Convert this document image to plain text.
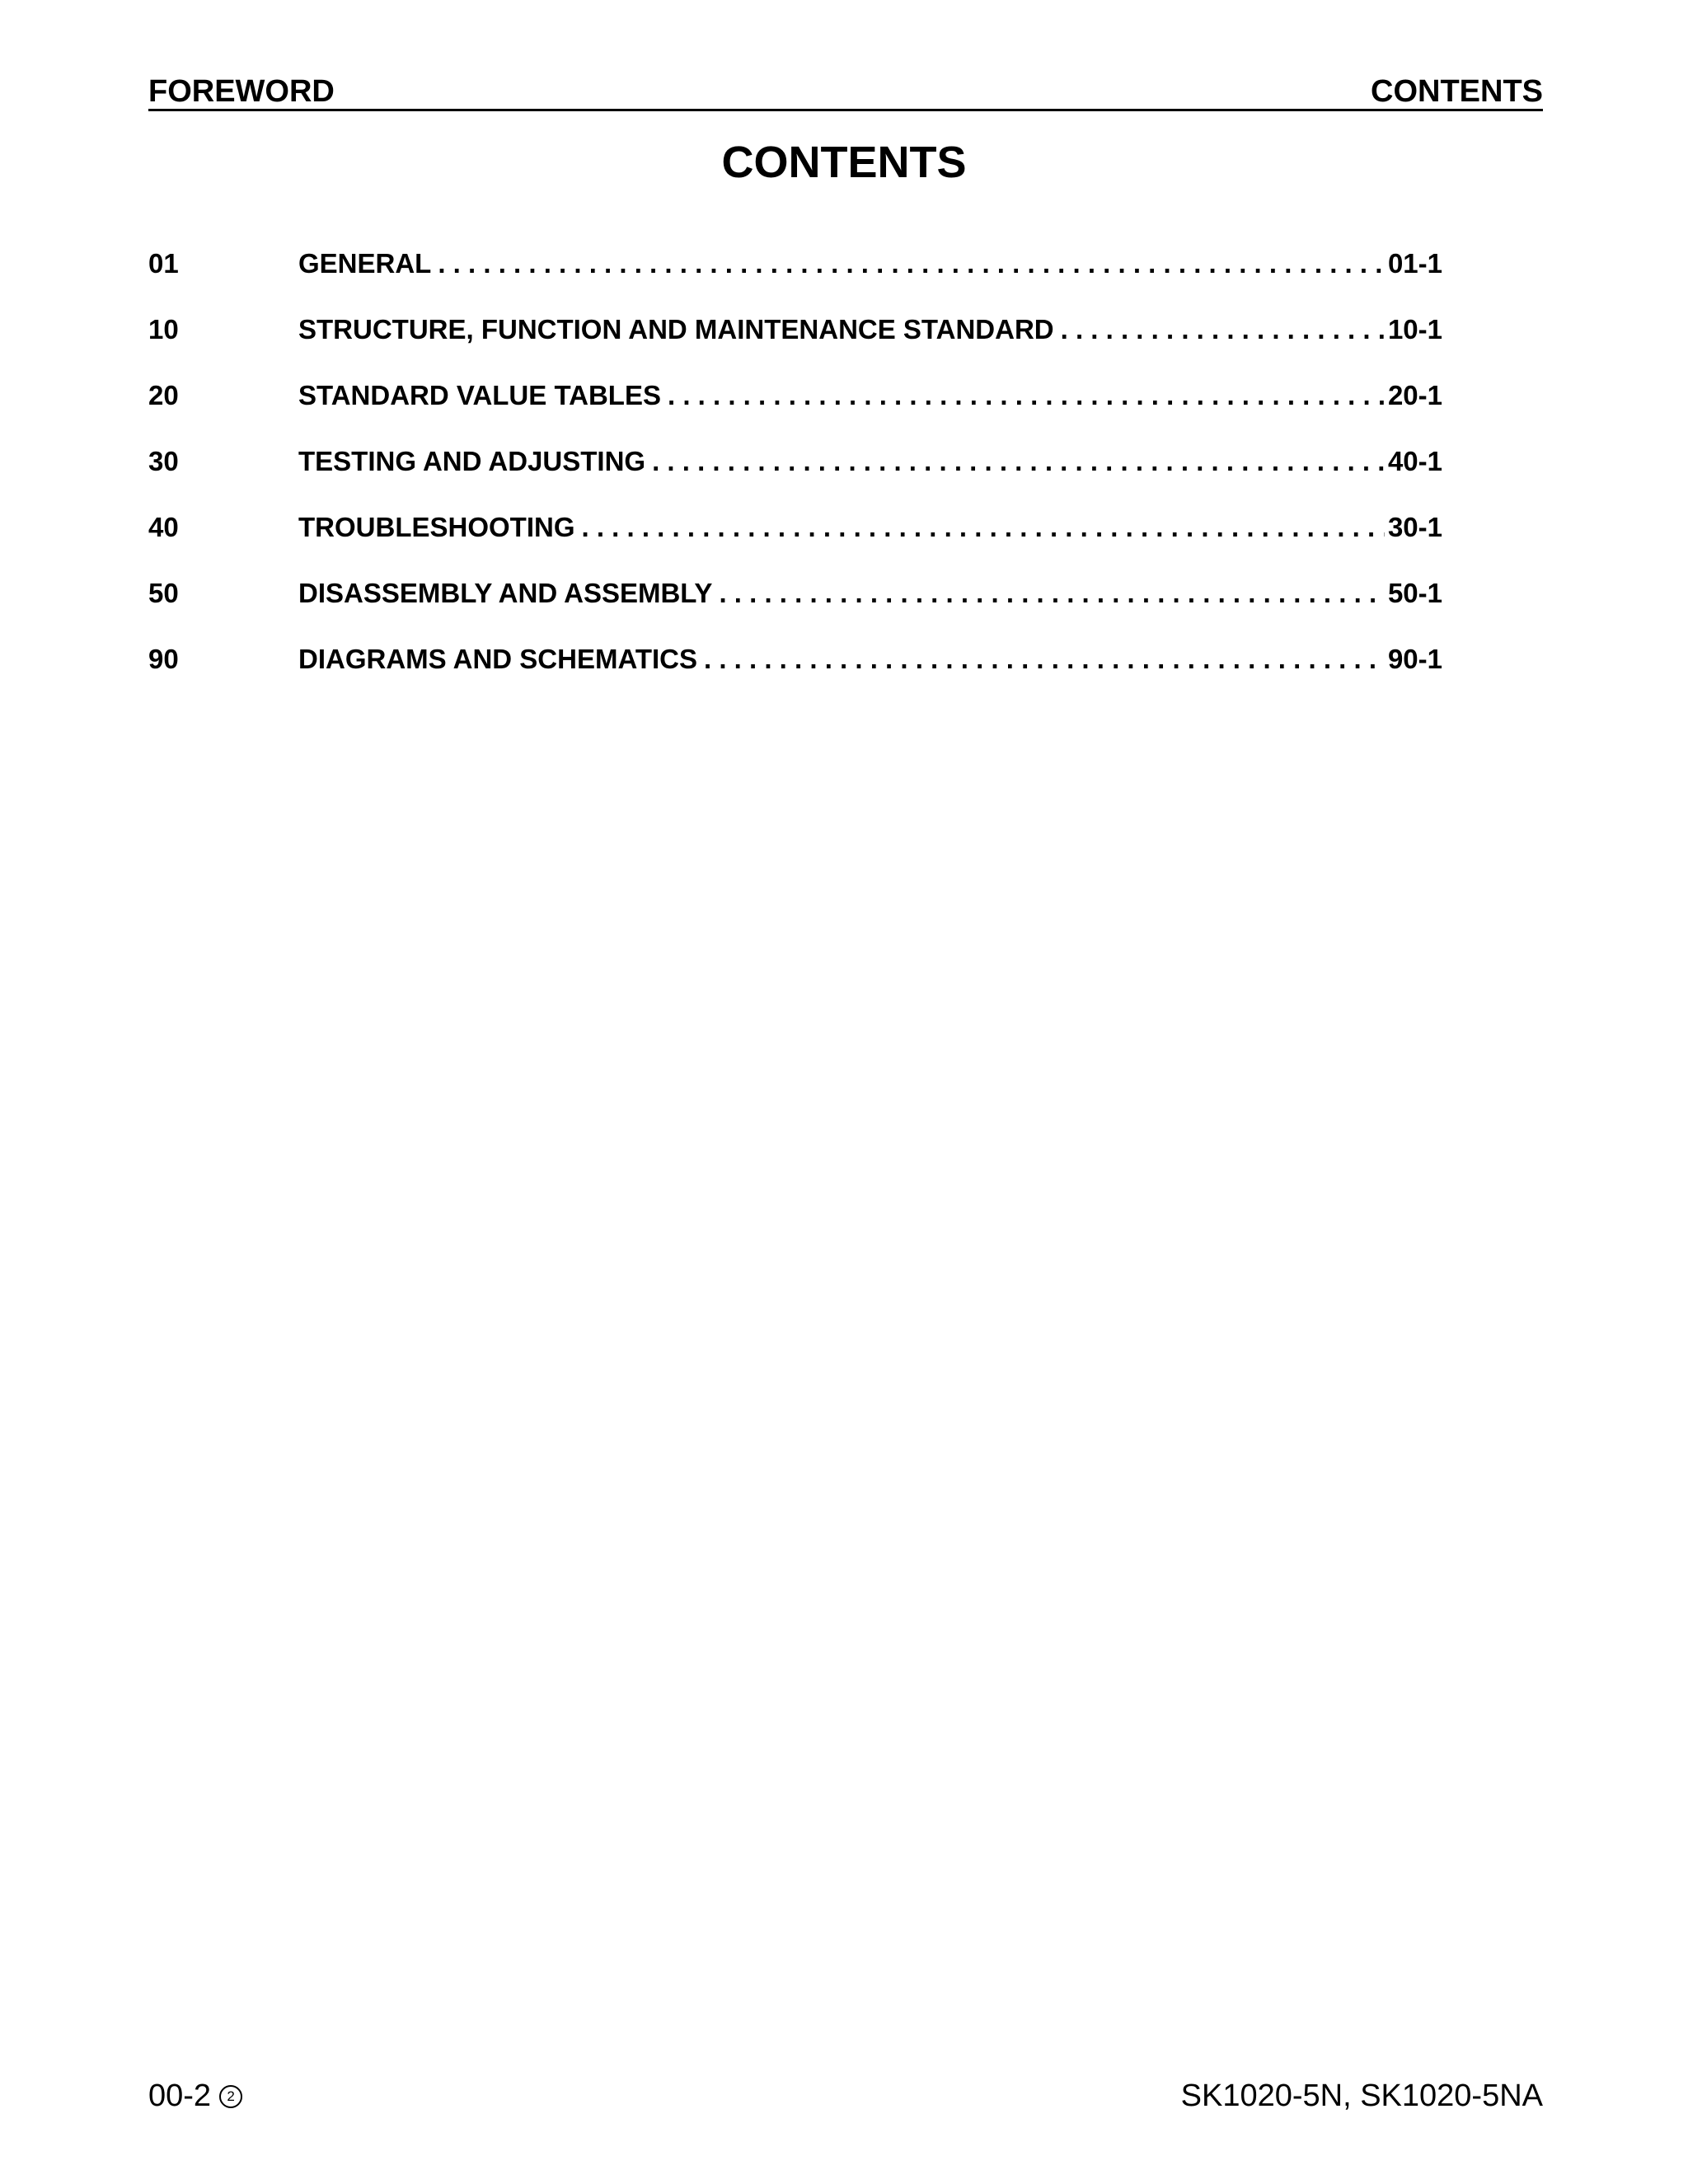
FOREWORD	CONTENTS
CONTENTS
01	GENERAL . . .	01-1
10	STRUCTURE, FUNCTION AND MAINTENANCE STANDARD . . .	10-1
20	STANDARD VALUE TABLES . . .	20-1
30	TESTING AND ADJUSTING . . .	40-1
40	TROUBLESHOOTING . . .	30-1
50	DISASSEMBLY AND ASSEMBLY . . .	50-1
90	DIAGRAMS AND SCHEMATICS . . .	90-1
00-2	2	SK1020-5N, SK1020-5NA
